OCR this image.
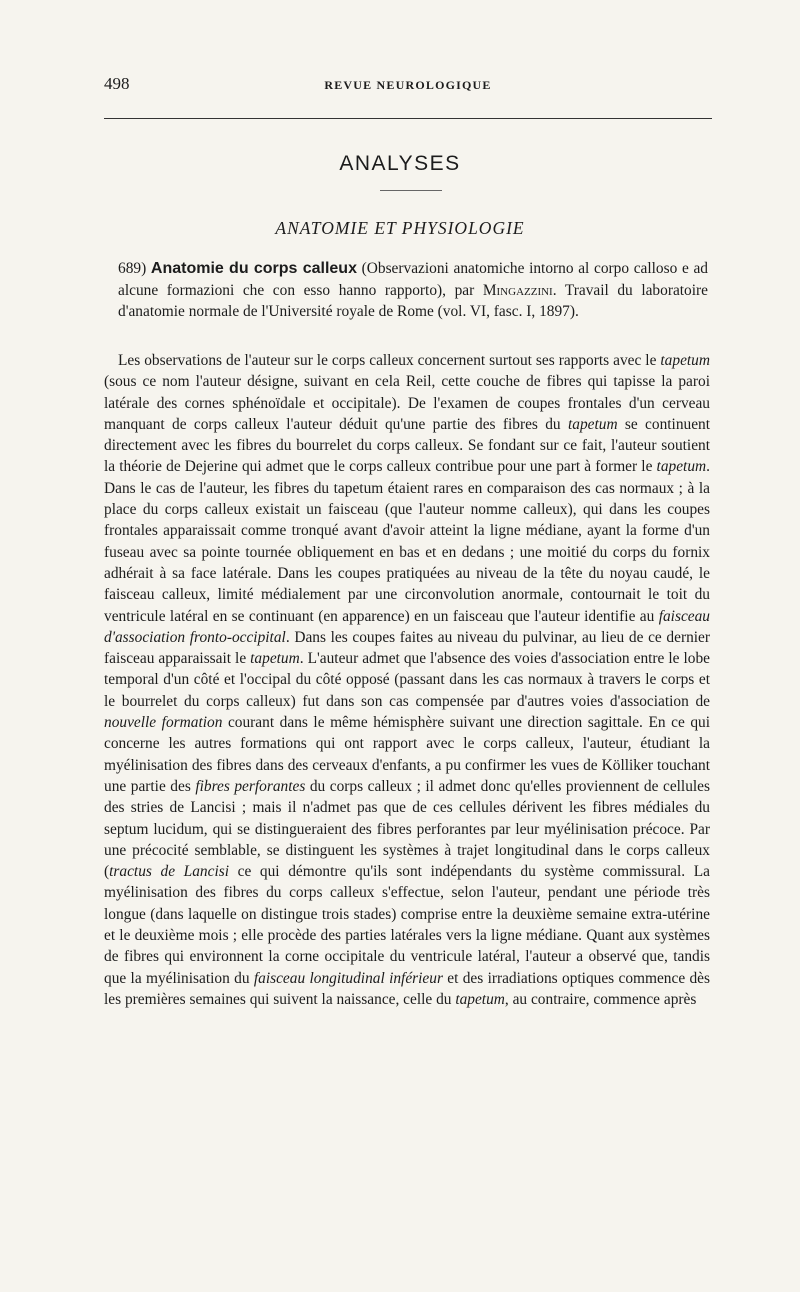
498	REVUE NEUROLOGIQUE
ANALYSES
ANATOMIE ET PHYSIOLOGIE
689) Anatomie du corps calleux (Observazioni anatomiche intorno al corpo calloso e ad alcune formazioni che con esso hanno rapporto), par Mingazzini. Travail du laboratoire d'anatomie normale de l'Université royale de Rome (vol. VI, fasc. I, 1897).

Les observations de l'auteur sur le corps calleux concernent surtout ses rapports avec le tapetum (sous ce nom l'auteur désigne, suivant en cela Reil, cette couche de fibres qui tapisse la paroi latérale des cornes sphénoïdale et occipitale). De l'examen de coupes frontales d'un cerveau manquant de corps calleux l'auteur déduit qu'une partie des fibres du tapetum se continuent directement avec les fibres du bourrelet du corps calleux. Se fondant sur ce fait, l'auteur soutient la théorie de Dejerine qui admet que le corps calleux contribue pour une part à former le tapetum. Dans le cas de l'auteur, les fibres du tapetum étaient rares en comparaison des cas normaux ; à la place du corps calleux existait un faisceau (que l'auteur nomme calleux), qui dans les coupes frontales apparaissait comme tronqué avant d'avoir atteint la ligne médiane, ayant la forme d'un fuseau avec sa pointe tournée obliquement en bas et en dedans ; une moitié du corps du fornix adhérait à sa face latérale. Dans les coupes pratiquées au niveau de la tête du noyau caudé, le faisceau calleux, limité médialement par une circonvolution anormale, contournait le toit du ventricule latéral en se continuant (en apparence) en un faisceau que l'auteur identifie au faisceau d'association fronto-occipital. Dans les coupes faites au niveau du pulvinar, au lieu de ce dernier faisceau apparaissait le tapetum. L'auteur admet que l'absence des voies d'association entre le lobe temporal d'un côté et l'occipal du côté opposé (passant dans les cas normaux à travers le corps et le bourrelet du corps calleux) fut dans son cas compensée par d'autres voies d'association de nouvelle formation courant dans le même hémisphère suivant une direction sagittale. En ce qui concerne les autres formations qui ont rapport avec le corps calleux, l'auteur, étudiant la myélinisation des fibres dans des cerveaux d'enfants, a pu confirmer les vues de Kölliker touchant une partie des fibres perforantes du corps calleux ; il admet donc qu'elles proviennent de cellules des stries de Lancisi ; mais il n'admet pas que de ces cellules dérivent les fibres médiales du septum lucidum, qui se distingueraient des fibres perforantes par leur myélinisation précoce. Par une précocité semblable, se distinguent les systèmes à trajet longitudinal dans le corps calleux (tractus de Lancisi ce qui démontre qu'ils sont indépendants du système commissural. La myélinisation des fibres du corps calleux s'effectue, selon l'auteur, pendant une période très longue (dans laquelle on distingue trois stades) comprise entre la deuxième semaine extra-utérine et le deuxième mois ; elle procède des parties latérales vers la ligne médiane. Quant aux systèmes de fibres qui environnent la corne occipitale du ventricule latéral, l'auteur a observé que, tandis que la myélinisation du faisceau longitudinal inférieur et des irradiations optiques commence dès les premières semaines qui suivent la naissance, celle du tapetum, au contraire, commence après
